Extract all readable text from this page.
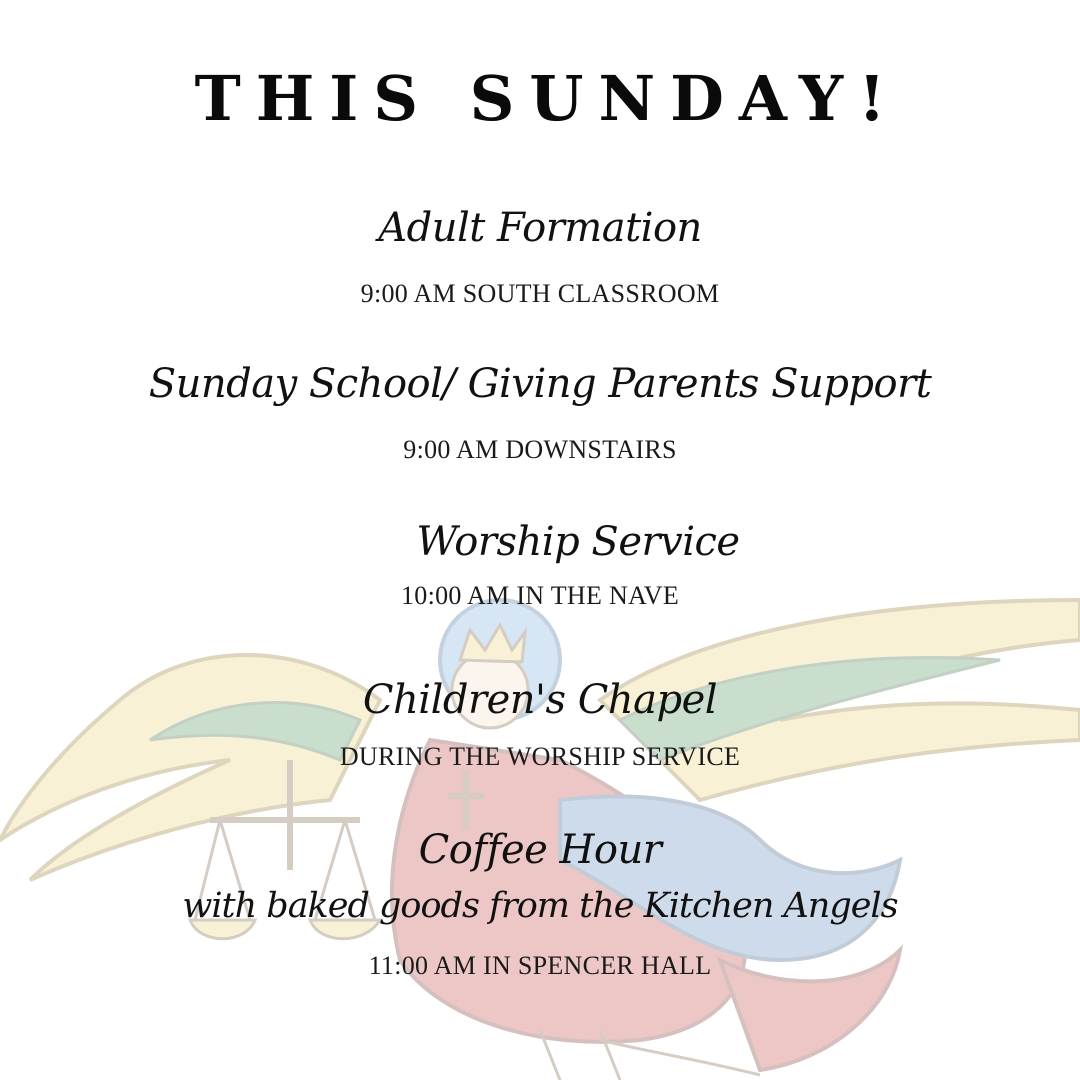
THIS SUNDAY!
Adult Formation
9:00 AM SOUTH CLASSROOM
Sunday School/ Giving Parents Support
9:00 AM DOWNSTAIRS
Worship Service
10:00 AM IN THE NAVE
Children's Chapel
DURING THE WORSHIP SERVICE
Coffee Hour
with baked goods from the Kitchen Angels
11:00 AM IN SPENCER HALL
